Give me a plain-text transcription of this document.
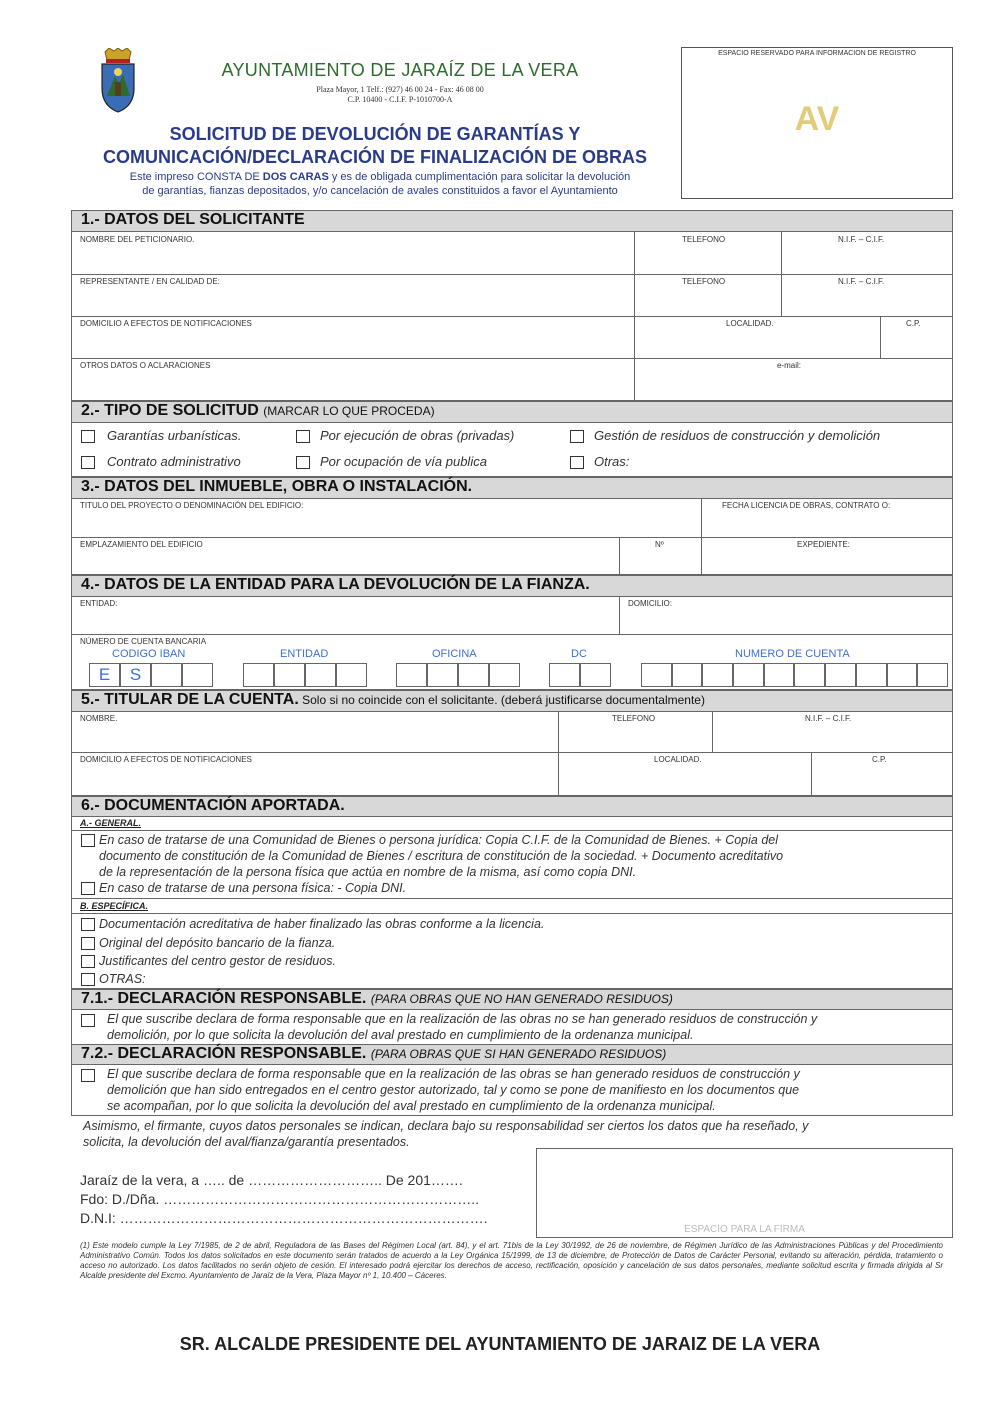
AYUNTAMIENTO DE JARAÍZ DE LA VERA
Plaza Mayor, 1 Telf.: (927) 46 00 24 - Fax: 46 08 00
C.P. 10400 - C.I.F. P-1010700-A
ESPACIO RESERVADO PARA INFORMACION DE REGISTRO
AV
SOLICITUD DE DEVOLUCIÓN DE GARANTÍAS Y
COMUNICACIÓN/DECLARACIÓN DE FINALIZACIÓN DE OBRAS
Este impreso CONSTA DE DOS CARAS y es de obligada cumplimentación para solicitar la devolución
de garantías, fianzas depositados, y/o cancelación de avales constituidos a favor el Ayuntamiento
1.- DATOS DEL SOLICITANTE
NOMBRE DEL PETICIONARIO.	TELEFONO	N.I.F. – C.I.F.
REPRESENTANTE / EN CALIDAD DE:	TELEFONO	N.I.F. – C.I.F.
DOMICILIO A EFECTOS DE NOTIFICACIONES	LOCALIDAD.	C.P.
OTROS DATOS O ACLARACIONES	e-mail:
2.- TIPO DE SOLICITUD (MARCAR LO QUE PROCEDA)
Garantías urbanísticas.	Por ejecución de obras (privadas)	Gestión de residuos de construcción y demolición
Contrato administrativo	Por ocupación de vía publica	Otras:
3.- DATOS DEL INMUEBLE, OBRA O INSTALACIÓN.
TITULO DEL PROYECTO O DENOMINACIÓN DEL EDIFICIO:	FECHA LICENCIA DE OBRAS, CONTRATO O:
EMPLAZAMIENTO DEL EDIFICIO	Nº	EXPEDIENTE:
4.- DATOS DE LA ENTIDAD PARA LA DEVOLUCIÓN DE LA FIANZA.
ENTIDAD:	DOMICILIO:
NÚMERO DE CUENTA BANCARIA
CODIGO IBAN	ENTIDAD	OFICINA	DC	NUMERO DE CUENTA
E	S
5.- TITULAR DE LA CUENTA. Solo si no coincide con el solicitante. (deberá justificarse documentalmente)
NOMBRE.	TELEFONO	N.I.F. – C.I.F.
DOMICILIO A EFECTOS DE NOTIFICACIONES	LOCALIDAD.	C.P.
6.- DOCUMENTACIÓN APORTADA.
A.- GENERAL.
En caso de tratarse de una Comunidad de Bienes o persona jurídica: Copia C.I.F. de la Comunidad de Bienes. + Copia del
documento de constitución de la Comunidad de Bienes / escritura de constitución de la sociedad. + Documento acreditativo
de la representación de la persona física que actúa en nombre de la misma, así como copia DNI.
En caso de tratarse de una persona física: - Copia DNI.
B. ESPECÍFICA.
Documentación acreditativa de haber finalizado las obras conforme a la licencia.
Original del depósito bancario de la fianza.
Justificantes del centro gestor de residuos.
OTRAS:
7.1.- DECLARACIÓN RESPONSABLE. (PARA OBRAS QUE NO HAN GENERADO RESIDUOS)
El que suscribe declara de forma responsable que en la realización de las obras no se han generado residuos de construcción y
demolición, por lo que solicita la devolución del aval prestado en cumplimiento de la ordenanza municipal.
7.2.- DECLARACIÓN RESPONSABLE. (PARA OBRAS QUE SI HAN GENERADO RESIDUOS)
El que suscribe declara de forma responsable que en la realización de las obras se han generado residuos de construcción y
demolición que han sido entregados en el centro gestor autorizado, tal y como se pone de manifiesto en los documentos que
se acompañan, por lo que solicita la devolución del aval prestado en cumplimiento de la ordenanza municipal.
Asimismo, el firmante, cuyos datos personales se indican, declara bajo su responsabilidad ser ciertos los datos que ha reseñado, y
solicita, la devolución del aval/fianza/garantía presentados.
Jaraíz de la vera, a ….. de ……………………….. De 201…….
Fdo: D./Dña. …………………………………………………………..
D.N.I: …………………………………………………………………….
ESPACIO PARA LA FIRMA
(1) Este modelo cumple la Ley 7/1985, de 2 de abril, Reguladora de las Bases del Régimen Local (art. 84), y el art. 71bis de la Ley 30/1992, de 26 de noviembre, de Régimen Jurídico de las Administraciones Públicas y del Procedimiento Administrativo Común. Todos los datos solicitados en este documento serán tratados de acuerdo a la Ley Orgánica 15/1999, de 13 de diciembre, de Protección de Datos de Carácter Personal, evitando su alteración, pérdida, tratamiento o acceso no autorizado. Los datos facilitados no serán objeto de cesión. El interesado podrá ejercitar los derechos de acceso, rectificación, oposición y cancelación de sus datos personales, mediante solicitud escrita y firmada dirigida al Sr Alcalde presidente del Excmo. Ayuntamiento de Jaraíz de la Vera, Plaza Mayor nº 1, 10.400 – Cáceres.
SR. ALCALDE PRESIDENTE DEL AYUNTAMIENTO DE JARAIZ DE LA VERA
